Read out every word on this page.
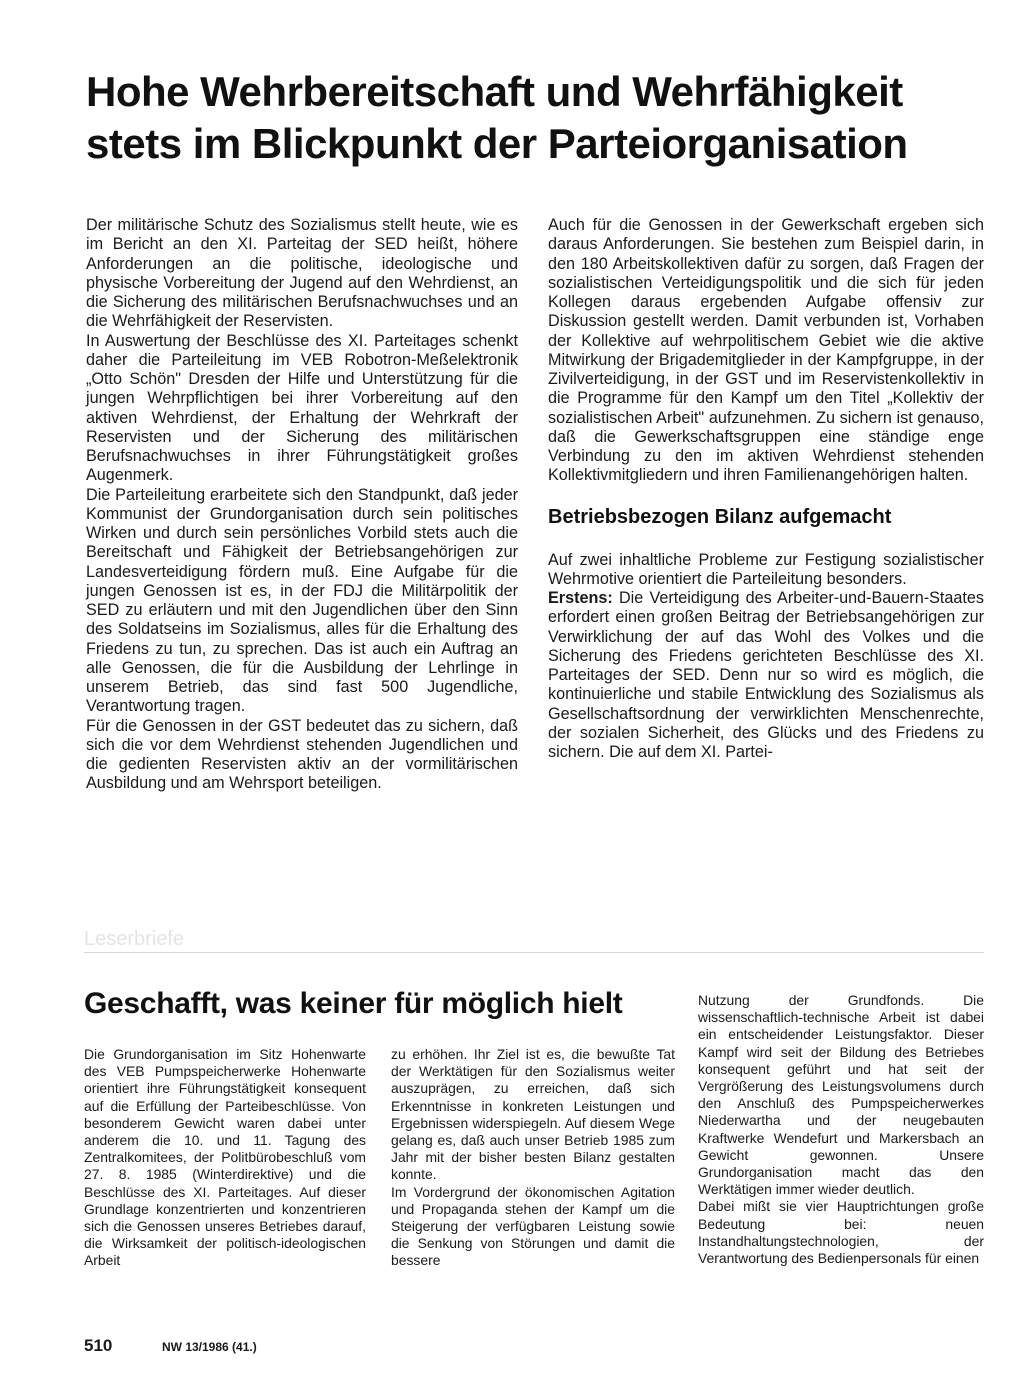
Hohe Wehrbereitschaft und Wehrfähigkeit
stets im Blickpunkt der Parteiorganisation

Der militärische Schutz des Sozialismus stellt heute, wie es im Bericht an den XI. Parteitag der SED heißt, höhere Anforderungen an die politische, ideologische und physische Vorbereitung der Jugend auf den Wehrdienst, an die Sicherung des militärischen Berufsnachwuchses und an die Wehrfähigkeit der Reservisten.

In Auswertung der Beschlüsse des XI. Parteitages schenkt daher die Parteileitung im VEB Robotron-Meßelektronik „Otto Schön" Dresden der Hilfe und Unterstützung für die jungen Wehrpflichtigen bei ihrer Vorbereitung auf den aktiven Wehrdienst, der Erhaltung der Wehrkraft der Reservisten und der Sicherung des militärischen Berufsnachwuchses in ihrer Führungstätigkeit großes Augenmerk.

Die Parteileitung erarbeitete sich den Standpunkt, daß jeder Kommunist der Grundorganisation durch sein politisches Wirken und durch sein persönliches Vorbild stets auch die Bereitschaft und Fähigkeit der Betriebsangehörigen zur Landesverteidigung fördern muß. Eine Aufgabe für die jungen Genossen ist es, in der FDJ die Militärpolitik der SED zu erläutern und mit den Jugendlichen über den Sinn des Soldatseins im Sozialismus, alles für die Erhaltung des Friedens zu tun, zu sprechen. Das ist auch ein Auftrag an alle Genossen, die für die Ausbildung der Lehrlinge in unserem Betrieb, das sind fast 500 Jugendliche, Verantwortung tragen.

Für die Genossen in der GST bedeutet das zu sichern, daß sich die vor dem Wehrdienst stehenden Jugendlichen und die gedienten Reservisten aktiv an der vormilitärischen Ausbildung und am Wehrsport beteiligen.

Auch für die Genossen in der Gewerkschaft ergeben sich daraus Anforderungen. Sie bestehen zum Beispiel darin, in den 180 Arbeitskollektiven dafür zu sorgen, daß Fragen der sozialistischen Verteidigungspolitik und die sich für jeden Kollegen daraus ergebenden Aufgabe offensiv zur Diskussion gestellt werden. Damit verbunden ist, Vorhaben der Kollektive auf wehrpolitischem Gebiet wie die aktive Mitwirkung der Brigademitglieder in der Kampfgruppe, in der Zivilverteidigung, in der GST und im Reservistenkollektiv in die Programme für den Kampf um den Titel „Kollektiv der sozialistischen Arbeit" aufzunehmen. Zu sichern ist genauso, daß die Gewerkschaftsgruppen eine ständige enge Verbindung zu den im aktiven Wehrdienst stehenden Kollektivmitgliedern und ihren Familienangehörigen halten.

Betriebsbezogen Bilanz aufgemacht

Auf zwei inhaltliche Probleme zur Festigung sozialistischer Wehrmotive orientiert die Parteileitung besonders.

Erstens: Die Verteidigung des Arbeiter-und-Bauern-Staates erfordert einen großen Beitrag der Betriebsangehörigen zur Verwirklichung der auf das Wohl des Volkes und die Sicherung des Friedens gerichteten Beschlüsse des XI. Parteitages der SED. Denn nur so wird es möglich, die kontinuierliche und stabile Entwicklung des Sozialismus als Gesellschaftsordnung der verwirklichten Menschenrechte, der sozialen Sicherheit, des Glücks und des Friedens zu sichern. Die auf dem XI. Partei-

Leserbriefe
Geschafft, was keiner für möglich hielt

Die Grundorganisation im Sitz Hohenwarte des VEB Pumpspeicherwerke Hohenwarte orientiert ihre Führungstätigkeit konsequent auf die Erfüllung der Parteibeschlüsse. Von besonderem Gewicht waren dabei unter anderem die 10. und 11. Tagung des Zentralkomitees, der Politbürobeschluß vom 27. 8. 1985 (Winterdirektive) und die Beschlüsse des XI. Parteitages. Auf dieser Grundlage konzentrierten und konzentrieren sich die Genossen unseres Betriebes darauf, die Wirksamkeit der politisch-ideologischen Arbeit

zu erhöhen. Ihr Ziel ist es, die bewußte Tat der Werktätigen für den Sozialismus weiter auszuprägen, zu erreichen, daß sich Erkenntnisse in konkreten Leistungen und Ergebnissen widerspiegeln. Auf diesem Wege gelang es, daß auch unser Betrieb 1985 zum Jahr mit der bisher besten Bilanz gestalten konnte.

Im Vordergrund der ökonomischen Agitation und Propaganda stehen der Kampf um die Steigerung der verfügbaren Leistung sowie die Senkung von Störungen und damit die bessere

Nutzung der Grundfonds. Die wissenschaftlich-technische Arbeit ist dabei ein entscheidender Leistungsfaktor. Dieser Kampf wird seit der Bildung des Betriebes konsequent geführt und hat seit der Vergrößerung des Leistungsvolumens durch den Anschluß des Pumpspeicherwerkes Niederwartha und der neugebauten Kraftwerke Wendefurt und Markersbach an Gewicht gewonnen. Unsere Grundorganisation macht das den Werktätigen immer wieder deutlich.

Dabei mißt sie vier Hauptrichtungen große Bedeutung bei: neuen Instandhaltungstechnologien, der Verantwortung des Bedienpersonals für einen

510	NW 13/1986 (41.)
